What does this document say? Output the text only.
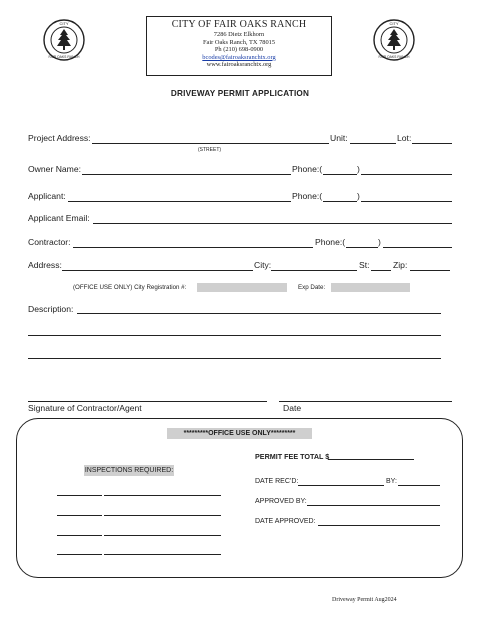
CITY
FAIR OAKS RANCH
CITY
FAIR OAKS RANCH
CITY OF FAIR OAKS RANCH
7286 Dietz Elkhorn
Fair Oaks Ranch, TX 78015
Ph (210) 698-0900
bcodes@fairoaksranchtx.org
www.fairoaksranchtx.org
DRIVEWAY PERMIT APPLICATION
Project Address:
(STREET)
Unit:	Lot:
Owner Name:	Phone:(	)
Applicant:	Phone:(	)
Applicant Email:
Contractor:	Phone:(	)
Address:	City:	St:	Zip:
(OFFICE USE ONLY) City Registration #:	Exp Date:
Description:
Signature of Contractor/Agent	Date
*********OFFICE USE ONLY*********
PERMIT FEE TOTAL $
INSPECTIONS REQUIRED:
DATE REC’D:	BY:
APPROVED BY:
DATE APPROVED:
Driveway Permit Aug2024
